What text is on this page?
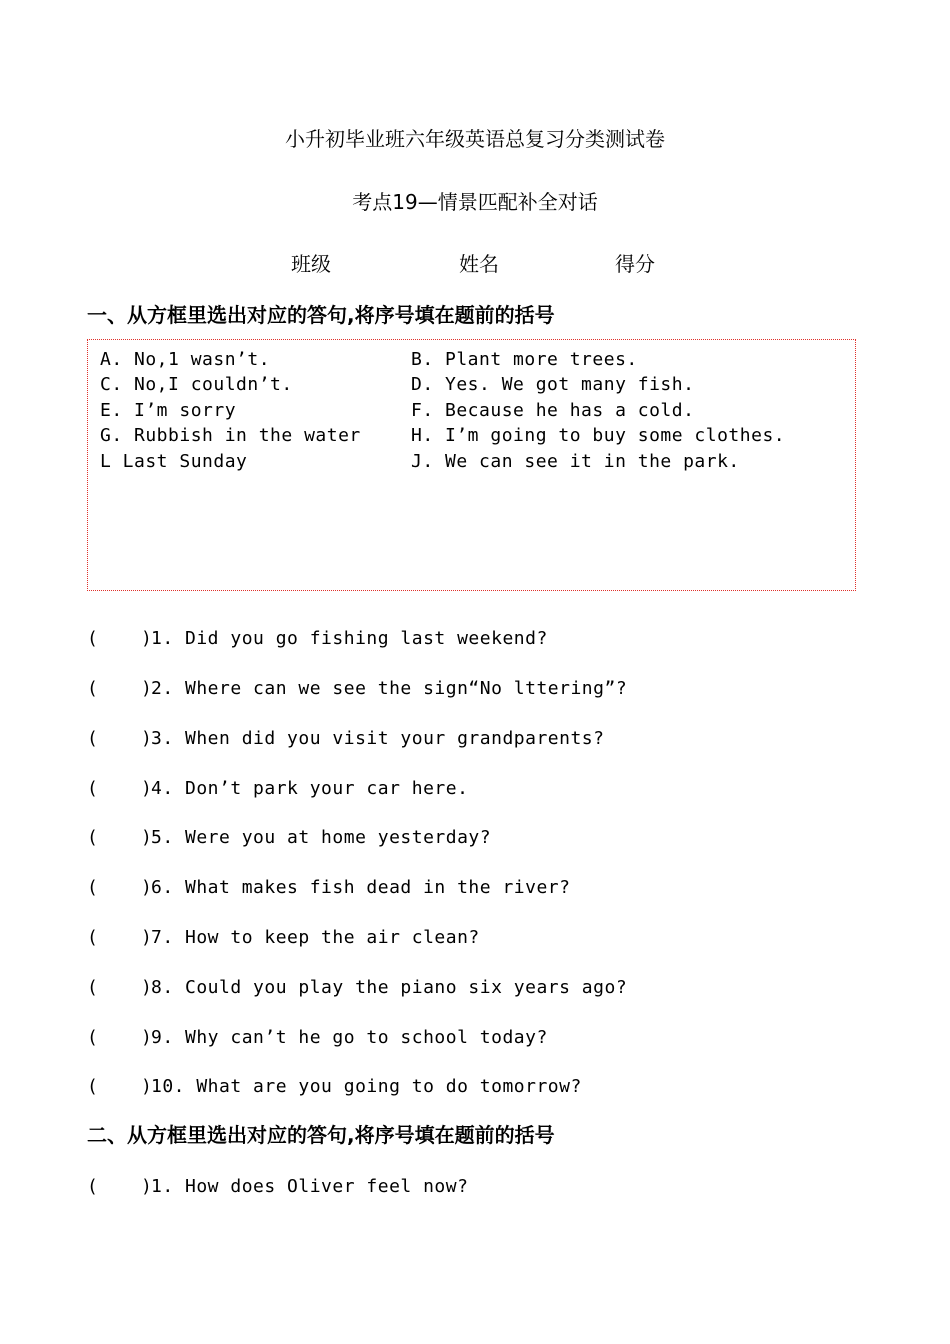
小升初毕业班六年级英语总复习分类测试卷
考点19—情景匹配补全对话
班级	姓名	得分
一、从方框里选出对应的答句,将序号填在题前的括号
A. No,1 wasn’t.
C. No,I couldn’t.
E. I’m sorry
G. Rubbish in the water
L Last Sunday
B. Plant more trees.
D. Yes. We got many fish.
F. Because he has a cold.
H. I’m going to buy some clothes.
J. We can see it in the park.
( )
1. Did you go fishing last weekend?
( )
2. Where can we see the sign“No lttering”?
( )
3. When did you visit your grandparents?
( )
4. Don’t park your car here.
( )
5. Were you at home yesterday?
( )
6. What makes fish dead in the river?
( )
7. How to keep the air clean?
( )
8. Could you play the piano six years ago?
( )
9. Why can’t he go to school today?
( )
10. What are you going to do tomorrow?
二、从方框里选出对应的答句,将序号填在题前的括号
( )
1. How does Oliver feel now?
